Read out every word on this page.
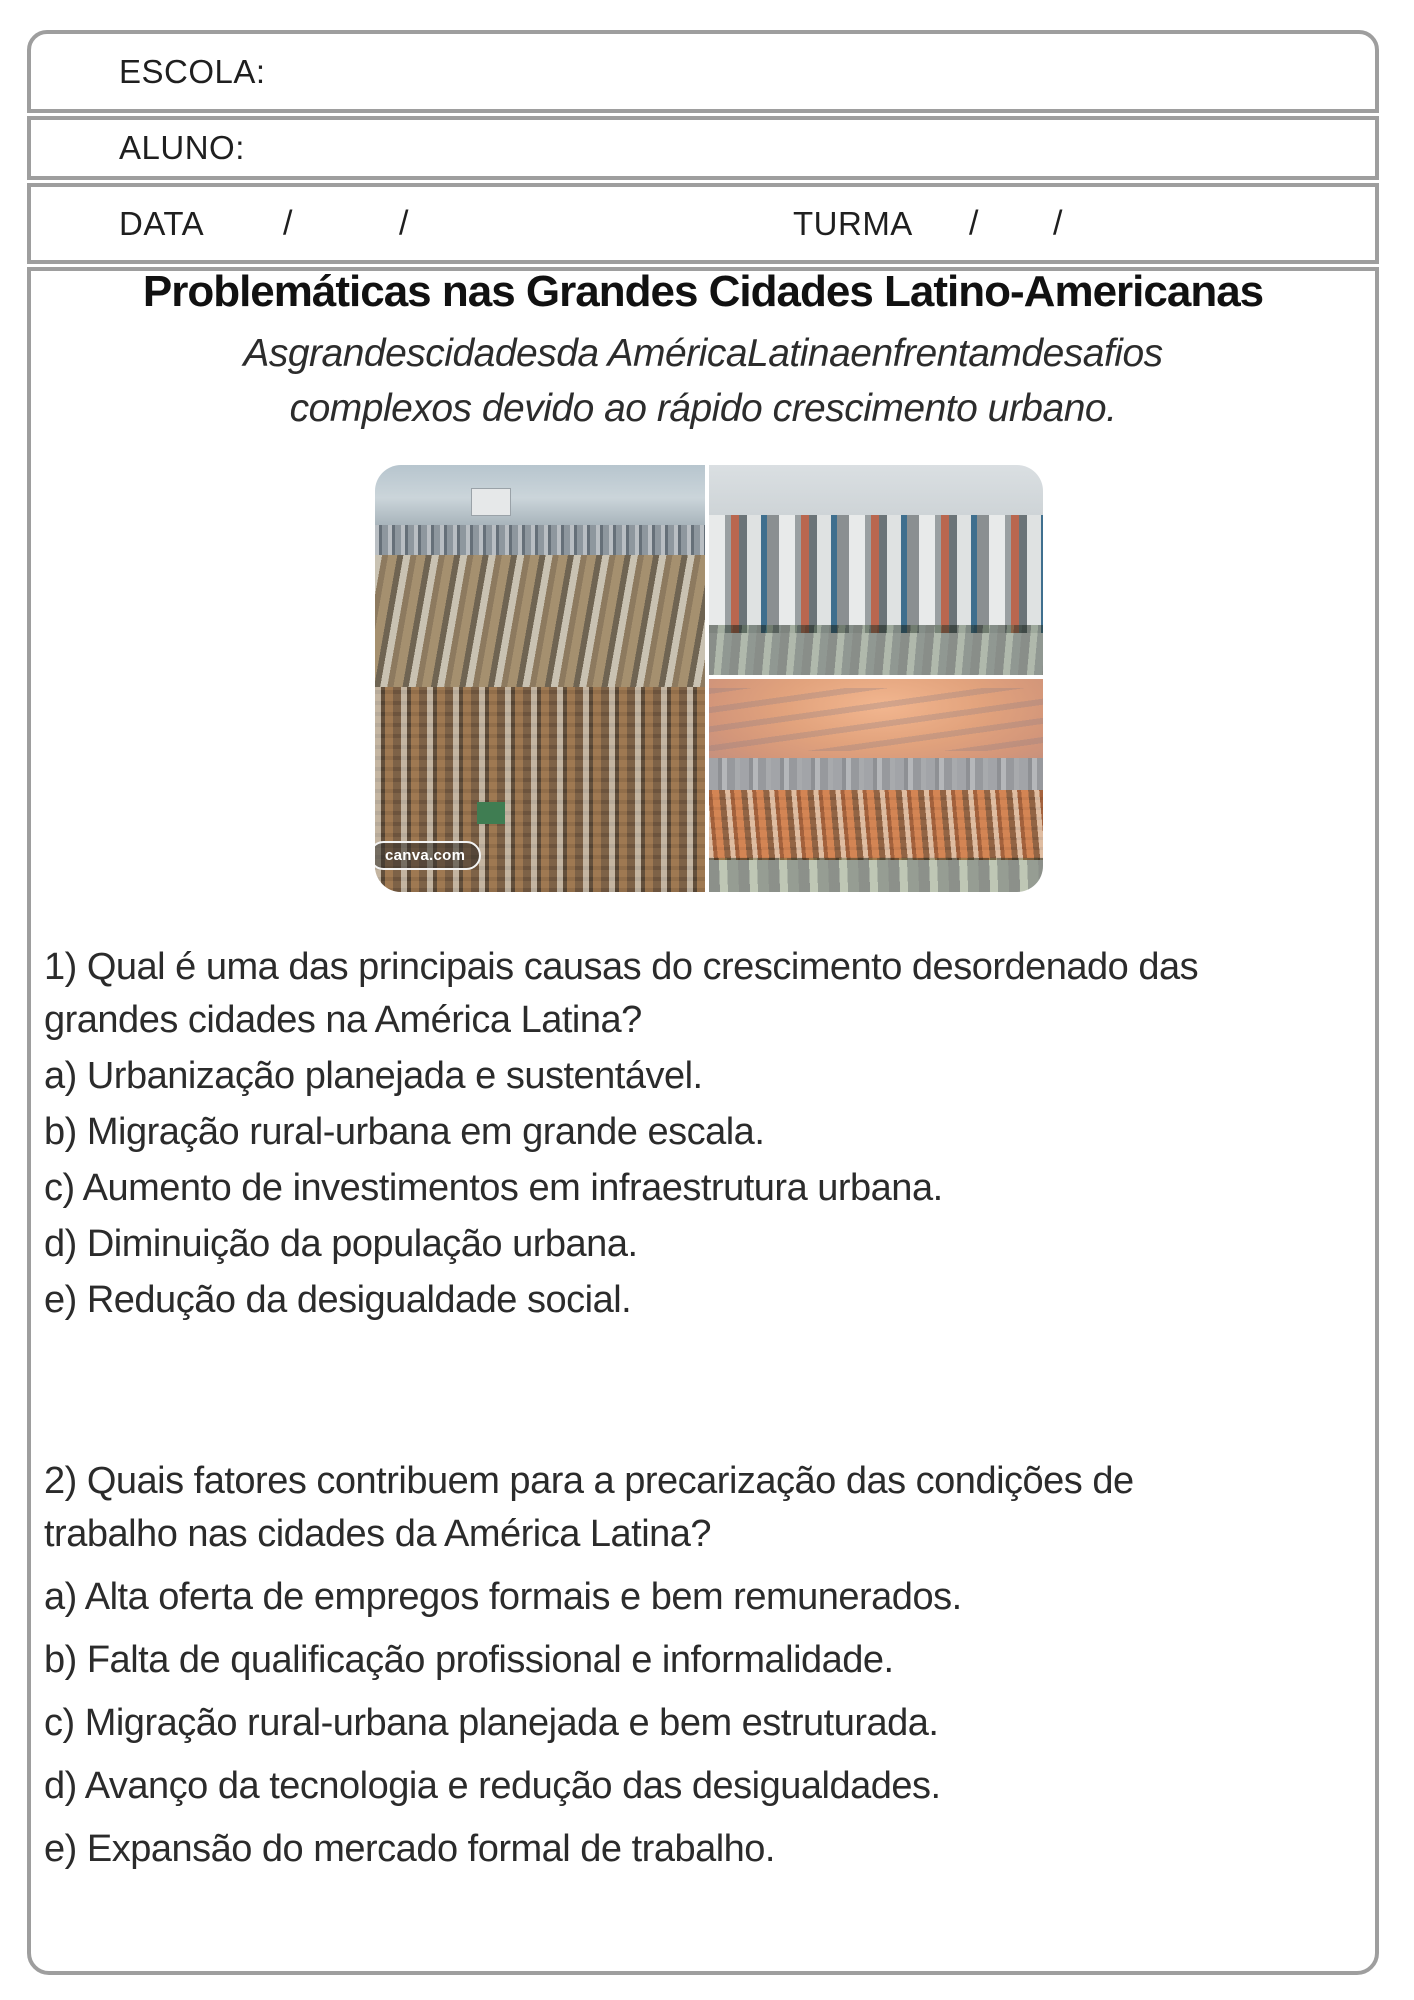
ESCOLA:
ALUNO:
DATA /	/	TURMA / /
Problemáticas nas Grandes Cidades Latino-Americanas
Asgrandescidadesda AméricaLatinaenfrentamdesafios
complexos devido ao rápido crescimento urbano.
canva.com
1) Qual é uma das principais causas do crescimento desordenado das
grandes cidades na América Latina?
a) Urbanização planejada e sustentável.
b) Migração rural-urbana em grande escala.
c) Aumento de investimentos em infraestrutura urbana.
d) Diminuição da população urbana.
e) Redução da desigualdade social.
2) Quais fatores contribuem para a precarização das condições de
trabalho nas cidades da América Latina?
a) Alta oferta de empregos formais e bem remunerados.
b) Falta de qualificação profissional e informalidade.
c) Migração rural-urbana planejada e bem estruturada.
d) Avanço da tecnologia e redução das desigualdades.
e) Expansão do mercado formal de trabalho.
